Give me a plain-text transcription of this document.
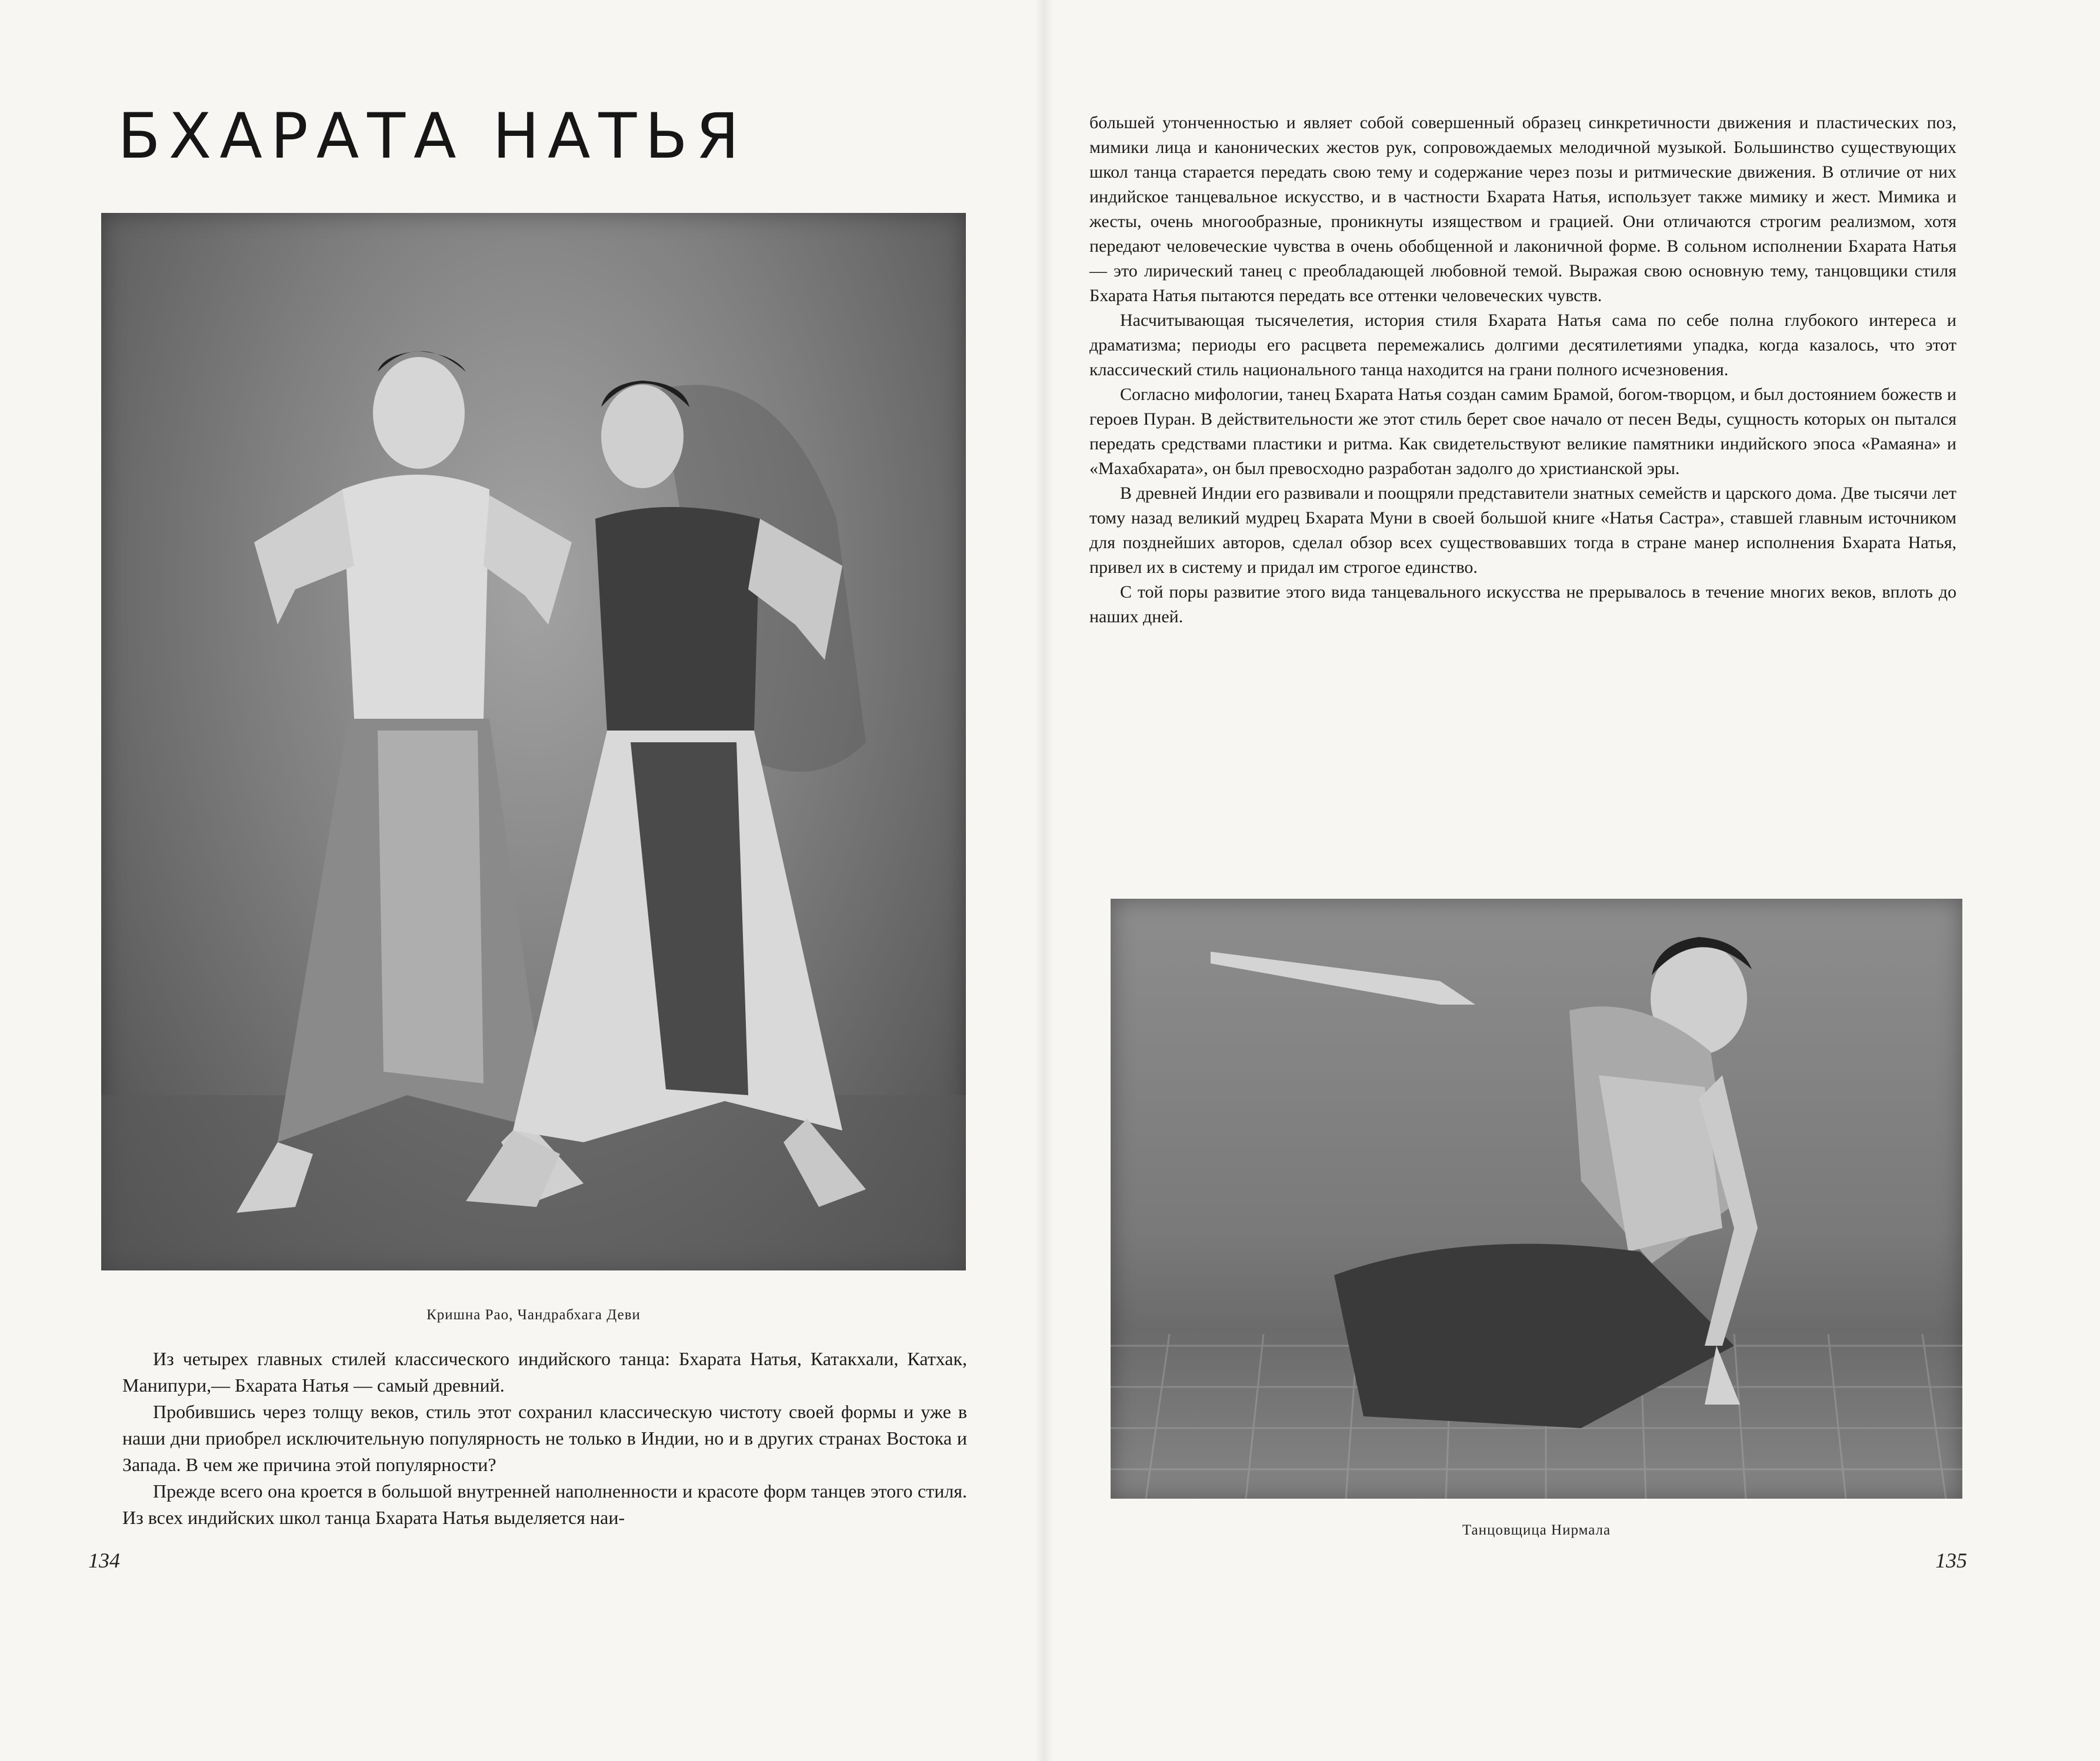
БХАРАТА НАТЬЯ
Кришна Рао, Чандрабхага Деви

Из четырех главных стилей классического индийского танца: Бхарата Натья, Катакхали, Катхак, Манипури,— Бхарата Натья — самый древний.

Пробившись через толщу веков, стиль этот сохранил классическую чистоту своей формы и уже в наши дни приобрел исключительную популярность не только в Индии, но и в других странах Востока и Запада. В чем же причина этой популярности?

Прежде всего она кроется в большой внутренней наполненности и красоте форм танцев этого стиля. Из всех индийских школ танца Бхарата Натья выделяется наи-

134

большей утонченностью и являет собой совершенный образец синкретичности движения и пластических поз, мимики лица и канонических жестов рук, сопровождаемых мелодичной музыкой. Большинство существующих школ танца старается передать свою тему и содержание через позы и ритмические движения. В отличие от них индийское танцевальное искусство, и в частности Бхарата Натья, использует также мимику и жест. Мимика и жесты, очень многообразные, проникнуты изяществом и грацией. Они отличаются строгим реализмом, хотя передают человеческие чувства в очень обобщенной и лаконичной форме. В сольном исполнении Бхарата Натья — это лирический танец с преобладающей любовной темой. Выражая свою основную тему, танцовщики стиля Бхарата Натья пытаются передать все оттенки человеческих чувств.

Насчитывающая тысячелетия, история стиля Бхарата Натья сама по себе полна глубокого интереса и драматизма; периоды его расцвета перемежались долгими десятилетиями упадка, когда казалось, что этот классический стиль национального танца находится на грани полного исчезновения.

Согласно мифологии, танец Бхарата Натья создан самим Брамой, богом-творцом, и был достоянием божеств и героев Пуран. В действительности же этот стиль берет свое начало от песен Веды, сущность которых он пытался передать средствами пластики и ритма. Как свидетельствуют великие памятники индийского эпоса «Рамаяна» и «Махабхарата», он был превосходно разработан задолго до христианской эры.

В древней Индии его развивали и поощряли представители знатных семейств и царского дома. Две тысячи лет тому назад великий мудрец Бхарата Муни в своей большой книге «Натья Састра», ставшей главным источником для позднейших авторов, сделал обзор всех существовавших тогда в стране манер исполнения Бхарата Натья, привел их в систему и придал им строгое единство.

С той поры развитие этого вида танцевального искусства не прерывалось в течение многих веков, вплоть до наших дней.

Танцовщица Нирмала
135
